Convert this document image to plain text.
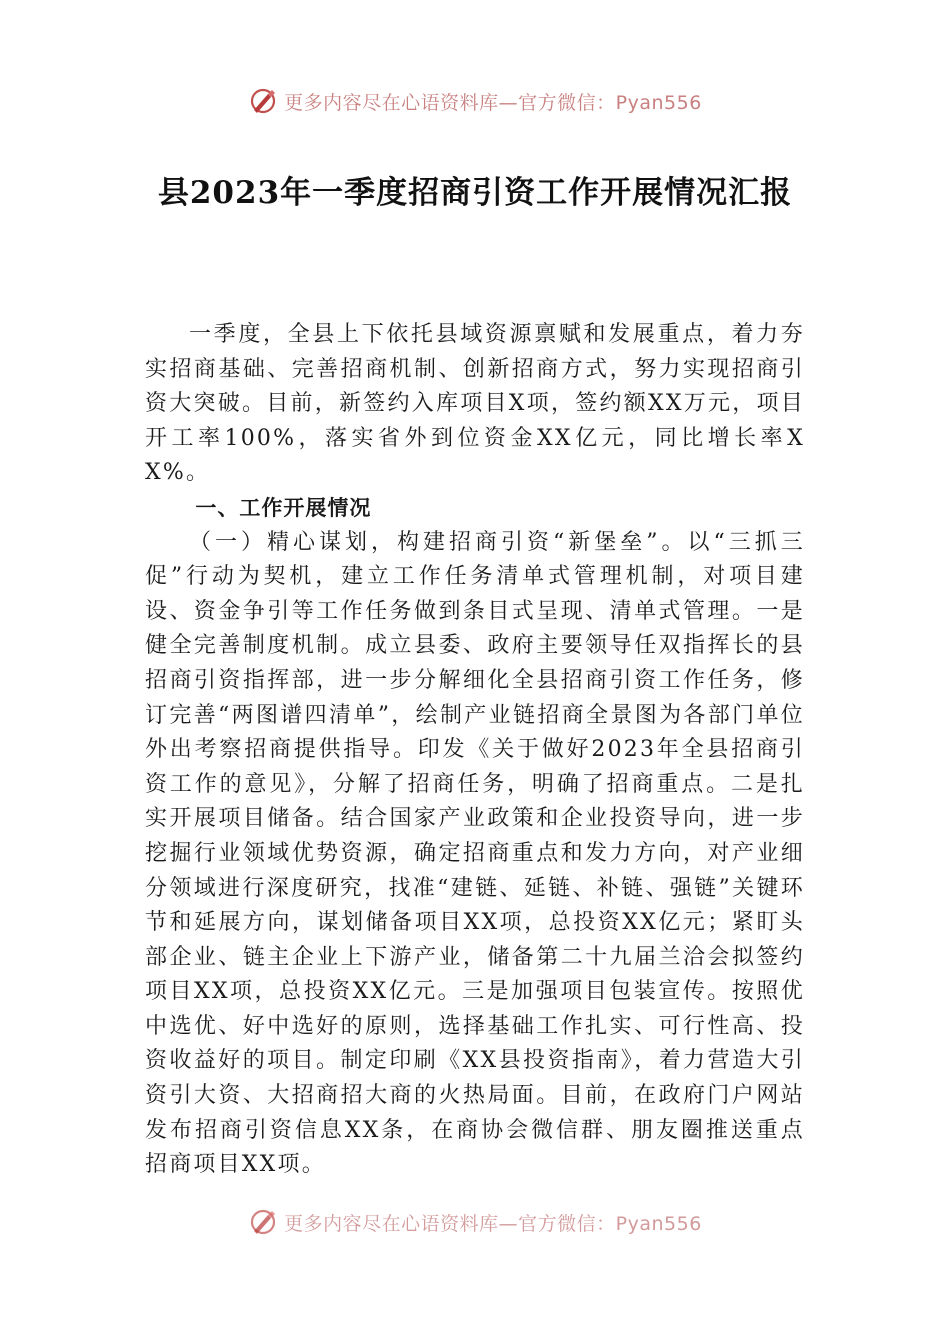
更多内容尽在心语资料库—官方微信：Pyan556
县2023年一季度招商引资工作开展情况汇报

一季度，全县上下依托县域资源禀赋和发展重点，着力夯实招商基础、完善招商机制、创新招商方式，努力实现招商引资大突破。目前，新签约入库项目X项，签约额XX万元，项目开工率100%，落实省外到位资金XX亿元，同比增长率XX%。

一、工作开展情况

（一）精心谋划，构建招商引资“新堡垒”。以“三抓三促”行动为契机，建立工作任务清单式管理机制，对项目建设、资金争引等工作任务做到条目式呈现、清单式管理。一是健全完善制度机制。成立县委、政府主要领导任双指挥长的县招商引资指挥部，进一步分解细化全县招商引资工作任务，修订完善“两图谱四清单”，绘制产业链招商全景图为各部门单位外出考察招商提供指导。印发《关于做好2023年全县招商引资工作的意见》，分解了招商任务，明确了招商重点。二是扎实开展项目储备。结合国家产业政策和企业投资导向，进一步挖掘行业领域优势资源，确定招商重点和发力方向，对产业细分领域进行深度研究，找准“建链、延链、补链、强链”关键环节和延展方向，谋划储备项目XX项，总投资XX亿元；紧盯头部企业、链主企业上下游产业，储备第二十九届兰洽会拟签约项目XX项，总投资XX亿元。三是加强项目包装宣传。按照优中选优、好中选好的原则，选择基础工作扎实、可行性高、投资收益好的项目。制定印刷《XX县投资指南》，着力营造大引资引大资、大招商招大商的火热局面。目前，在政府门户网站发布招商引资信息XX条，在商协会微信群、朋友圈推送重点招商项目XX项。

更多内容尽在心语资料库—官方微信：Pyan556
